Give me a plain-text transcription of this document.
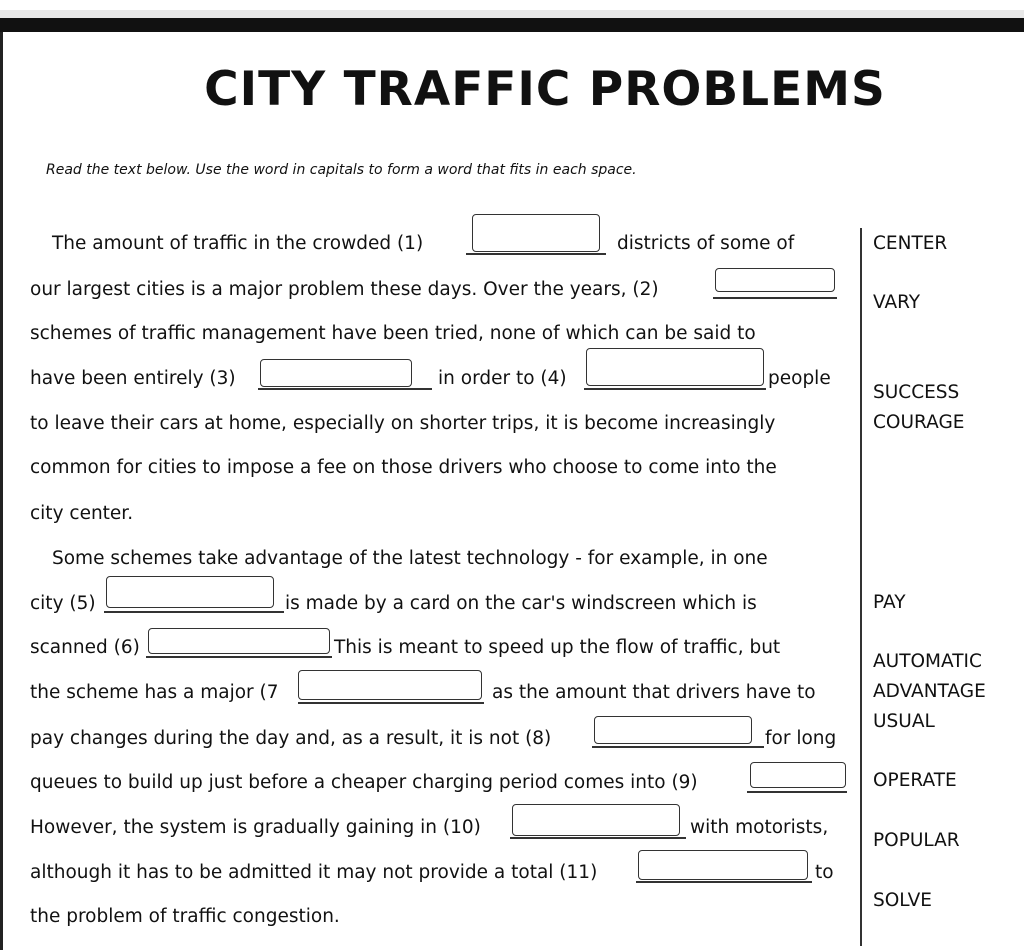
CITY TRAFFIC PROBLEMS
Read the text below. Use the word in capitals to form a word that fits in each space.
The amount of traffic in the crowded (1)	districts of some of
our largest cities is a major problem these days. Over the years, (2)
schemes of traffic management have been tried, none of which can be said to
have been entirely (3)	in order to (4)	people
to leave their cars at home, especially on shorter trips, it is become increasingly
common for cities to impose a fee on those drivers who choose to come into the
city center.
Some schemes take advantage of the latest technology - for example, in one
city (5)	is made by a card on the car's windscreen which is
scanned (6)	This is meant to speed up the flow of traffic, but
the scheme has a major (7	as the amount that drivers have to
pay changes during the day and, as a result, it is not (8)	for long
queues to build up just before a cheaper charging period comes into (9)
However, the system is gradually gaining in (10)	with motorists,
although it has to be admitted it may not provide a total (11)	to
the problem of traffic congestion.
CENTER
VARY
SUCCESS
COURAGE
PAY
AUTOMATIC
ADVANTAGE
USUAL
OPERATE
POPULAR
SOLVE
